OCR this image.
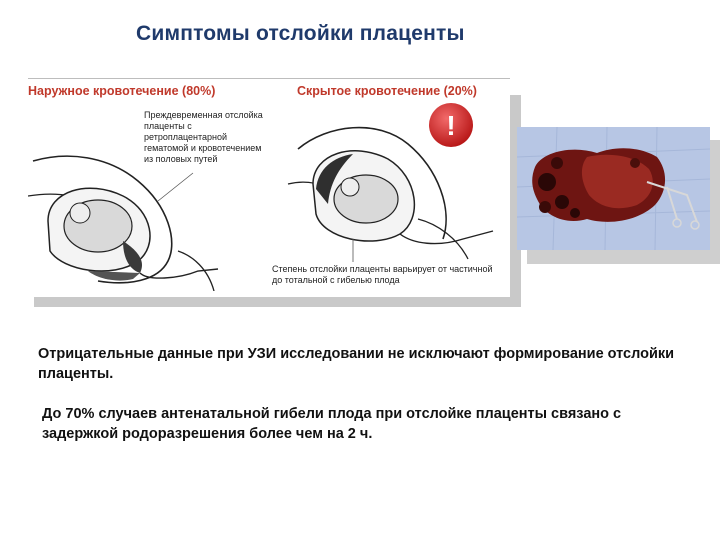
Симптомы отслойки плаценты
Наружное кровотечение (80%)	Скрытое кровотечение (20%)
Преждевременная отслойка плаценты с ретроплацентарной гематомой и кровотечением из половых путей
Степень отслойки плаценты варьирует от частичной до тотальной с гибелью плода
!

Отрицательные данные при УЗИ исследовании не исключают формирование отслойки плаценты.

До 70% случаев антенатальной гибели плода при отслойке плаценты связано с задержкой родоразрешения более чем на 2 ч.
